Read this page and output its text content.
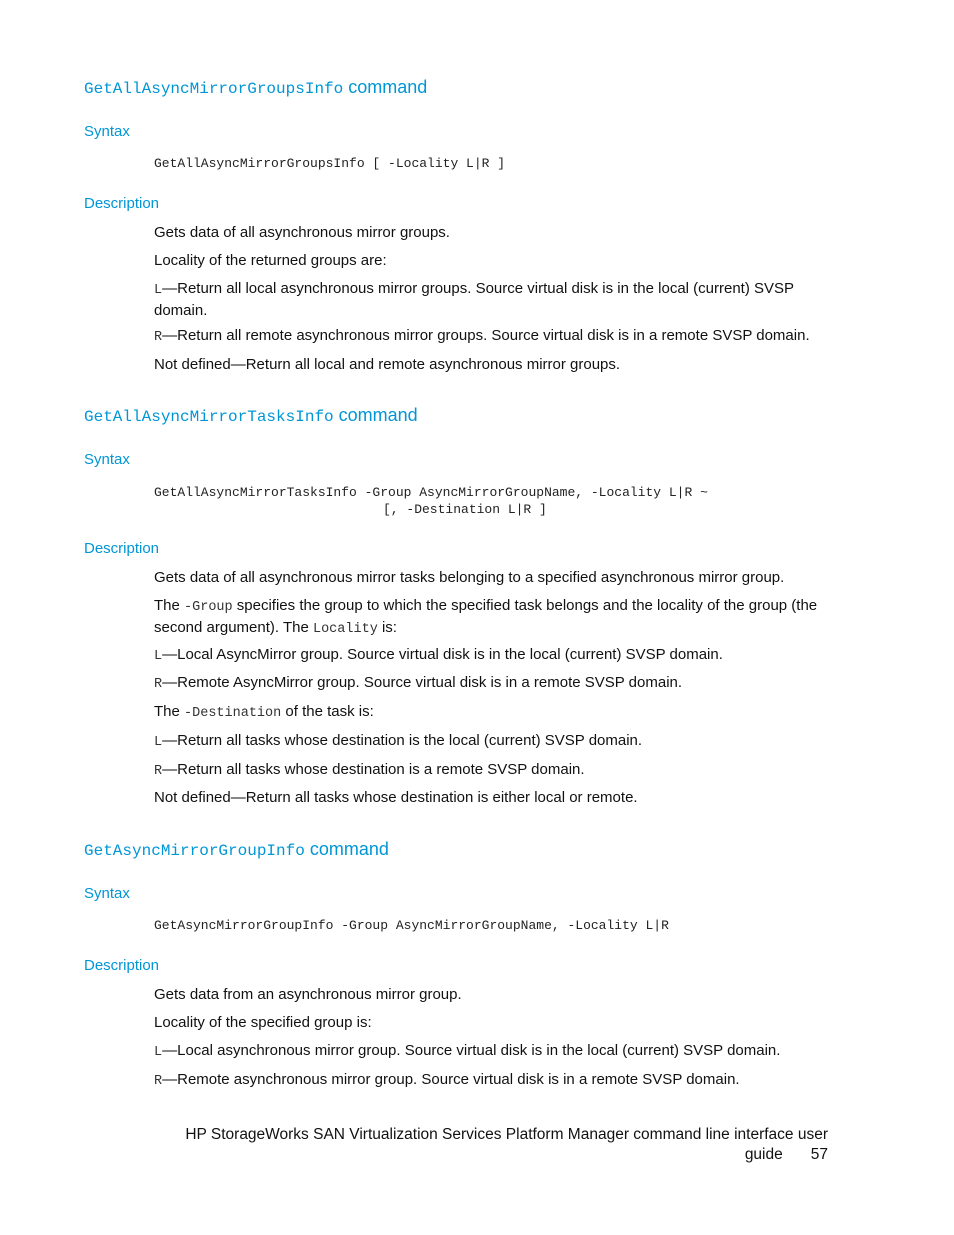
GetAllAsyncMirrorGroupsInfo command
Syntax
GetAllAsyncMirrorGroupsInfo [ -Locality L|R ]
Description
Gets data of all asynchronous mirror groups.
Locality of the returned groups are:
L—Return all local asynchronous mirror groups. Source virtual disk is in the local (current) SVSP
domain.
R—Return all remote asynchronous mirror groups. Source virtual disk is in a remote SVSP domain.
Not defined—Return all local and remote asynchronous mirror groups.
GetAllAsyncMirrorTasksInfo command
Syntax
GetAllAsyncMirrorTasksInfo -Group AsyncMirrorGroupName, -Locality L|R ~
[, -Destination L|R ]
Description
Gets data of all asynchronous mirror tasks belonging to a specified asynchronous mirror group.
The -Group specifies the group to which the specified task belongs and the locality of the group (the
second argument). The Locality is:
L—Local AsyncMirror group. Source virtual disk is in the local (current) SVSP domain.
R—Remote AsyncMirror group. Source virtual disk is in a remote SVSP domain.
The -Destination of the task is:
L—Return all tasks whose destination is the local (current) SVSP domain.
R—Return all tasks whose destination is a remote SVSP domain.
Not defined—Return all tasks whose destination is either local or remote.
GetAsyncMirrorGroupInfo command
Syntax
GetAsyncMirrorGroupInfo -Group AsyncMirrorGroupName, -Locality L|R
Description
Gets data from an asynchronous mirror group.
Locality of the specified group is:
L—Local asynchronous mirror group. Source virtual disk is in the local (current) SVSP domain.
R—Remote asynchronous mirror group. Source virtual disk is in a remote SVSP domain.
HP StorageWorks SAN Virtualization Services Platform Manager command line interface user
guide 57
